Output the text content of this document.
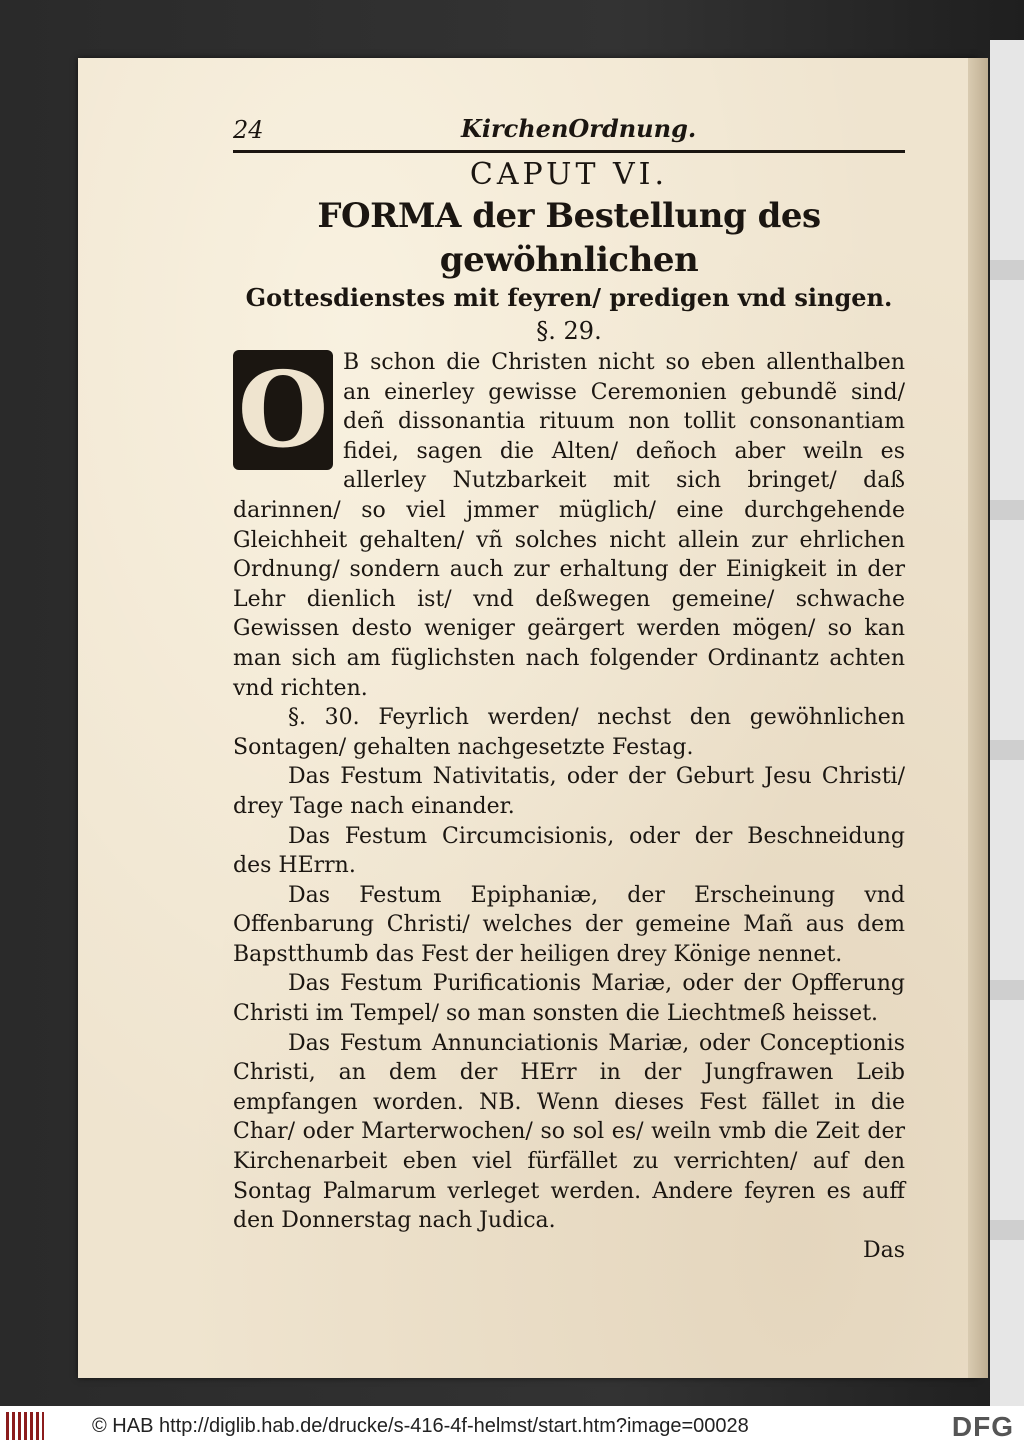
24	KirchenOrdnung.
CAPUT VI.
FORMA der Bestellung des gewöhnlichen
Gottesdienstes mit feyren/ predigen vnd singen.
§. 29.

O B schon die Christen nicht so eben allenthalben an einerley gewisse Ceremonien gebundẽ sind/ deñ dissonantia rituum non tollit consonantiam fidei, sagen die Alten/ deñoch aber weiln es allerley Nutzbarkeit mit sich bringet/ daß darinnen/ so viel jmmer müglich/ eine durchgehende Gleichheit gehalten/ vñ solches nicht allein zur ehrlichen Ordnung/ sondern auch zur erhaltung der Einigkeit in der Lehr dienlich ist/ vnd deßwegen gemeine/ schwache Gewissen desto weniger geärgert werden mögen/ so kan man sich am füglichsten nach folgender Ordinantz achten vnd richten.

§. 30. Feyrlich werden/ nechst den gewöhnlichen Sontagen/ gehalten nachgesetzte Festag.

Das Festum Nativitatis, oder der Geburt Jesu Christi/ drey Tage nach einander.

Das Festum Circumcisionis, oder der Beschneidung des HErrn.

Das Festum Epiphaniæ, der Erscheinung vnd Offenbarung Christi/ welches der gemeine Mañ aus dem Bapstthumb das Fest der heiligen drey Könige nennet.

Das Festum Purificationis Mariæ, oder der Opfferung Christi im Tempel/ so man sonsten die Liechtmeß heisset.

Das Festum Annunciationis Mariæ, oder Conceptionis Christi, an dem der HErr in der Jungfrawen Leib empfangen worden. NB. Wenn dieses Fest fället in die Char/ oder Marterwochen/ so sol es/ weiln vmb die Zeit der Kirchenarbeit eben viel fürfället zu verrichten/ auf den Sontag Palmarum verleget werden. Andere feyren es auff den Donnerstag nach Judica.

Das
© HAB http://diglib.hab.de/drucke/s-416-4f-helmst/start.htm?image=00028	DFG
